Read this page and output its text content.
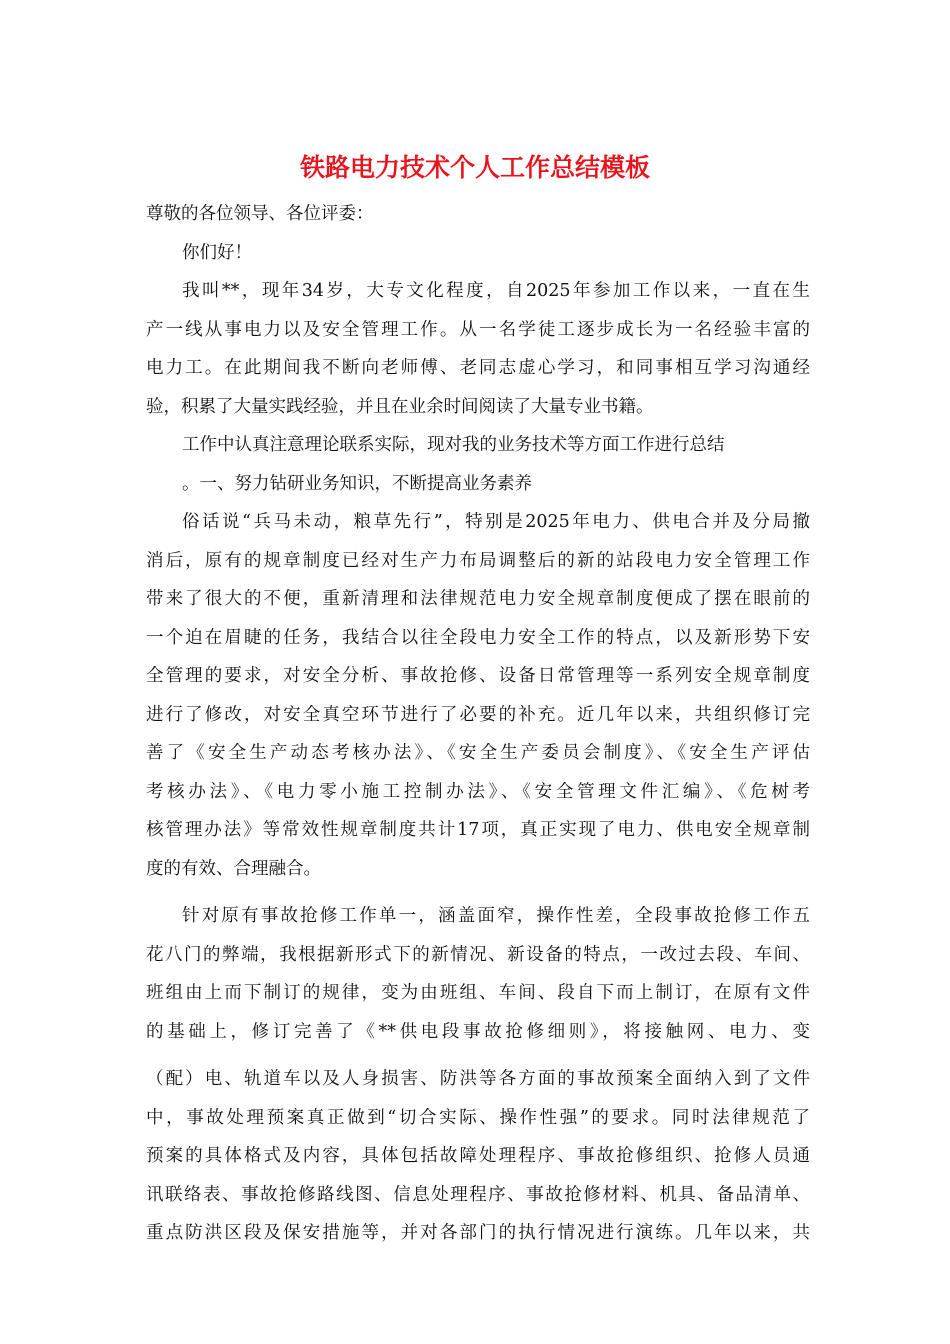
铁路电力技术个人工作总结模板
尊敬的各位领导、各位评委：
你们好！
我叫**，现年34岁，大专文化程度，自2025年参加工作以来，一直在生
产一线从事电力以及安全管理工作。从一名学徒工逐步成长为一名经验丰富的
电力工。在此期间我不断向老师傅、老同志虚心学习，和同事相互学习沟通经
验，积累了大量实践经验，并且在业余时间阅读了大量专业书籍。
工作中认真注意理论联系实际，现对我的业务技术等方面工作进行总结
。一、努力钻研业务知识，不断提高业务素养
俗话说“兵马未动，粮草先行”，特别是2025年电力、供电合并及分局撤
消后，原有的规章制度已经对生产力布局调整后的新的站段电力安全管理工作
带来了很大的不便，重新清理和法律规范电力安全规章制度便成了摆在眼前的
一个迫在眉睫的任务，我结合以往全段电力安全工作的特点，以及新形势下安
全管理的要求，对安全分析、事故抢修、设备日常管理等一系列安全规章制度
进行了修改，对安全真空环节进行了必要的补充。近几年以来，共组织修订完
善了《安全生产动态考核办法》、《安全生产委员会制度》、《安全生产评估
考核办法》、《电力零小施工控制办法》、《安全管理文件汇编》、《危树考
核管理办法》等常效性规章制度共计17项，真正实现了电力、供电安全规章制
度的有效、合理融合。
针对原有事故抢修工作单一，涵盖面窄，操作性差，全段事故抢修工作五
花八门的弊端，我根据新形式下的新情况、新设备的特点，一改过去段、车间、
班组由上而下制订的规律，变为由班组、车间、段自下而上制订，在原有文件
的基础上，修订完善了《**供电段事故抢修细则》，将接触网、电力、变
（配）电、轨道车以及人身损害、防洪等各方面的事故预案全面纳入到了文件
中，事故处理预案真正做到“切合实际、操作性强”的要求。同时法律规范了
预案的具体格式及内容，具体包括故障处理程序、事故抢修组织、抢修人员通
讯联络表、事故抢修路线图、信息处理程序、事故抢修材料、机具、备品清单、
重点防洪区段及保安措施等，并对各部门的执行情况进行演练。几年以来，共
